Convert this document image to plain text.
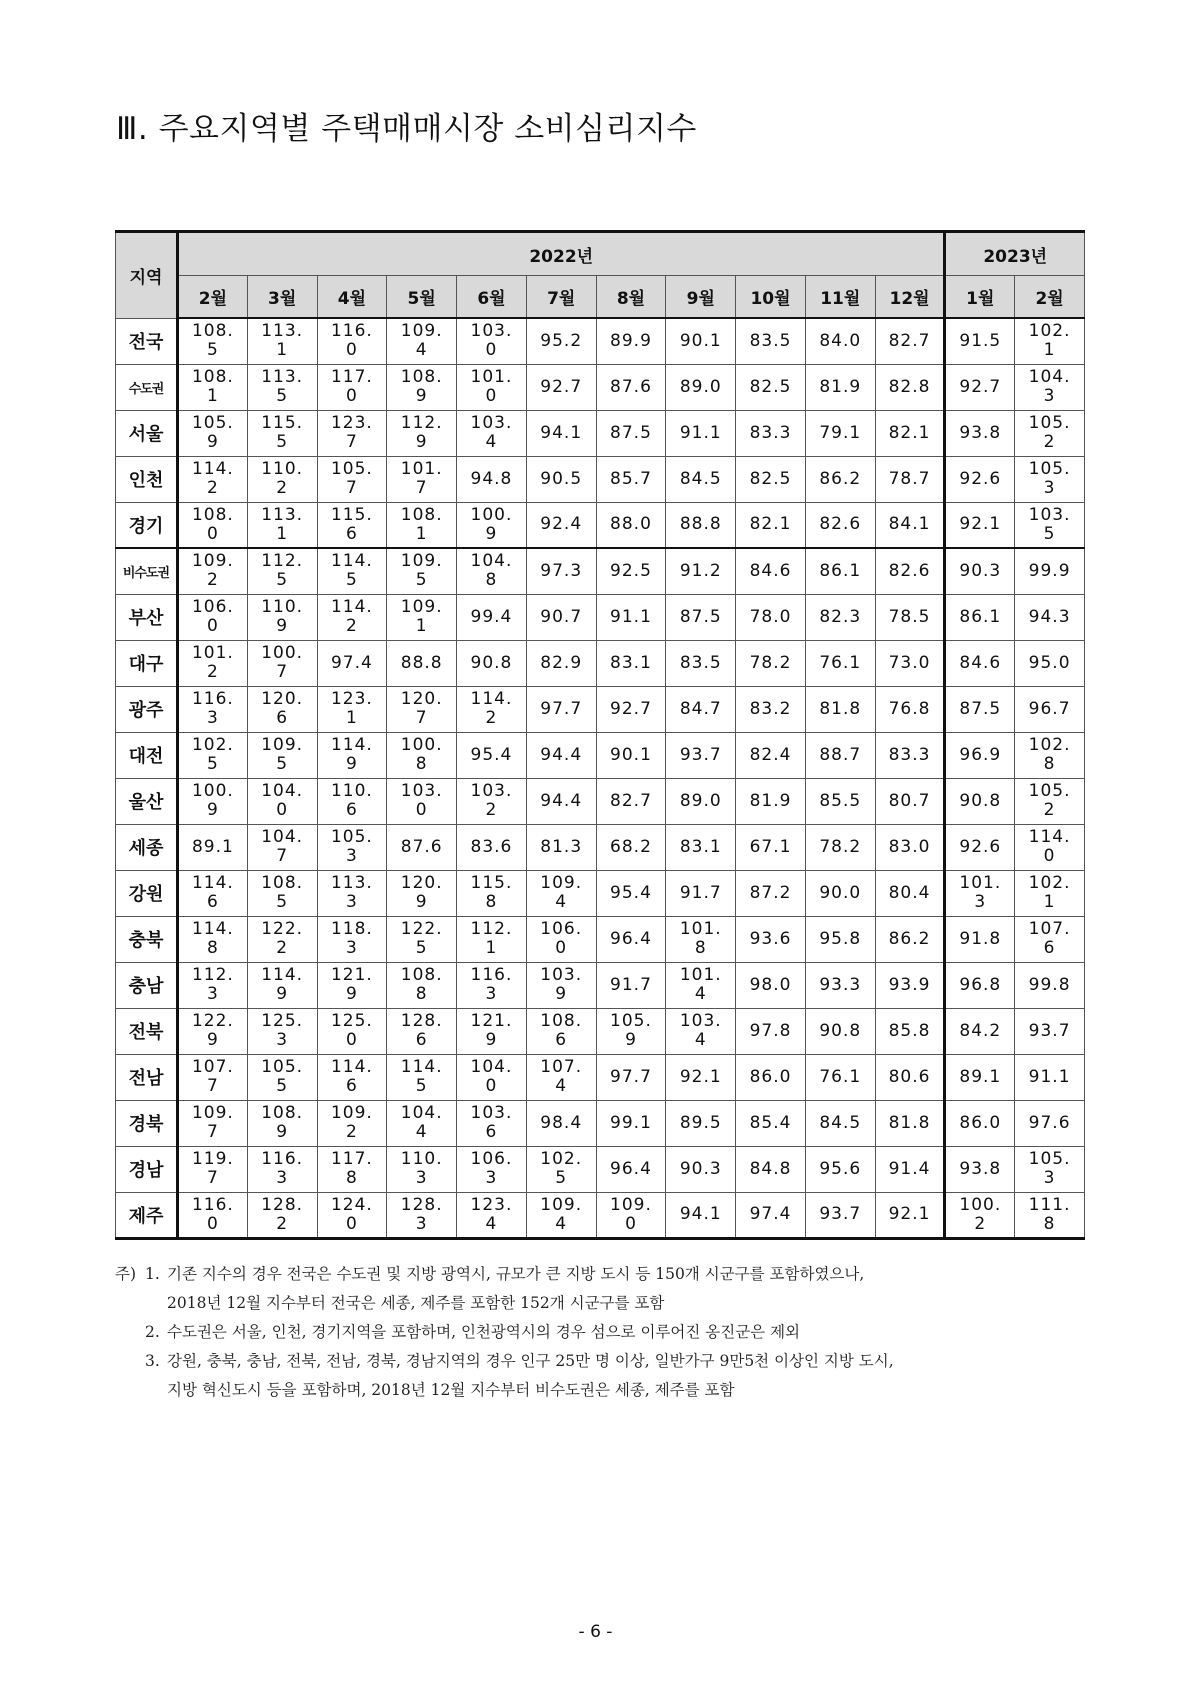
Ⅲ. 주요지역별 주택매매시장 소비심리지수
지역	2022년											2023년	
	2월	3월	4월	5월	6월	7월	8월	9월	10월	11월	12월	1월	2월
전국	108.5	113.1	116.0	109.4	103.0	95.2	89.9	90.1	83.5	84.0	82.7	91.5	102.1
수도권	108.1	113.5	117.0	108.9	101.0	92.7	87.6	89.0	82.5	81.9	82.8	92.7	104.3
서울	105.9	115.5	123.7	112.9	103.4	94.1	87.5	91.1	83.3	79.1	82.1	93.8	105.2
인천	114.2	110.2	105.7	101.7	94.8	90.5	85.7	84.5	82.5	86.2	78.7	92.6	105.3
경기	108.0	113.1	115.6	108.1	100.9	92.4	88.0	88.8	82.1	82.6	84.1	92.1	103.5
비수도권	109.2	112.5	114.5	109.5	104.8	97.3	92.5	91.2	84.6	86.1	82.6	90.3	99.9
부산	106.0	110.9	114.2	109.1	99.4	90.7	91.1	87.5	78.0	82.3	78.5	86.1	94.3
대구	101.2	100.7	97.4	88.8	90.8	82.9	83.1	83.5	78.2	76.1	73.0	84.6	95.0
광주	116.3	120.6	123.1	120.7	114.2	97.7	92.7	84.7	83.2	81.8	76.8	87.5	96.7
대전	102.5	109.5	114.9	100.8	95.4	94.4	90.1	93.7	82.4	88.7	83.3	96.9	102.8
울산	100.9	104.0	110.6	103.0	103.2	94.4	82.7	89.0	81.9	85.5	80.7	90.8	105.2
세종	89.1	104.7	105.3	87.6	83.6	81.3	68.2	83.1	67.1	78.2	83.0	92.6	114.0
강원	114.6	108.5	113.3	120.9	115.8	109.4	95.4	91.7	87.2	90.0	80.4	101.3	102.1
충북	114.8	122.2	118.3	122.5	112.1	106.0	96.4	101.8	93.6	95.8	86.2	91.8	107.6
충남	112.3	114.9	121.9	108.8	116.3	103.9	91.7	101.4	98.0	93.3	93.9	96.8	99.8
전북	122.9	125.3	125.0	128.6	121.9	108.6	105.9	103.4	97.8	90.8	85.8	84.2	93.7
전남	107.7	105.5	114.6	114.5	104.0	107.4	97.7	92.1	86.0	76.1	80.6	89.1	91.1
경북	109.7	108.9	109.2	104.4	103.6	98.4	99.1	89.5	85.4	84.5	81.8	86.0	97.6
경남	119.7	116.3	117.8	110.3	106.3	102.5	96.4	90.3	84.8	95.6	91.4	93.8	105.3
제주	116.0	128.2	124.0	128.3	123.4	109.4	109.0	94.1	97.4	93.7	92.1	100.2	111.8
주) 1. 기존 지수의 경우 전국은 수도권 및 지방 광역시, 규모가 큰 지방 도시 등 150개 시군구를 포함하였으나,
2018년 12월 지수부터 전국은 세종, 제주를 포함한 152개 시군구를 포함
2. 수도권은 서울, 인천, 경기지역을 포함하며, 인천광역시의 경우 섬으로 이루어진 옹진군은 제외
3. 강원, 충북, 충남, 전북, 전남, 경북, 경남지역의 경우 인구 25만 명 이상, 일반가구 9만5천 이상인 지방 도시,
지방 혁신도시 등을 포함하며, 2018년 12월 지수부터 비수도권은 세종, 제주를 포함
- 6 -
